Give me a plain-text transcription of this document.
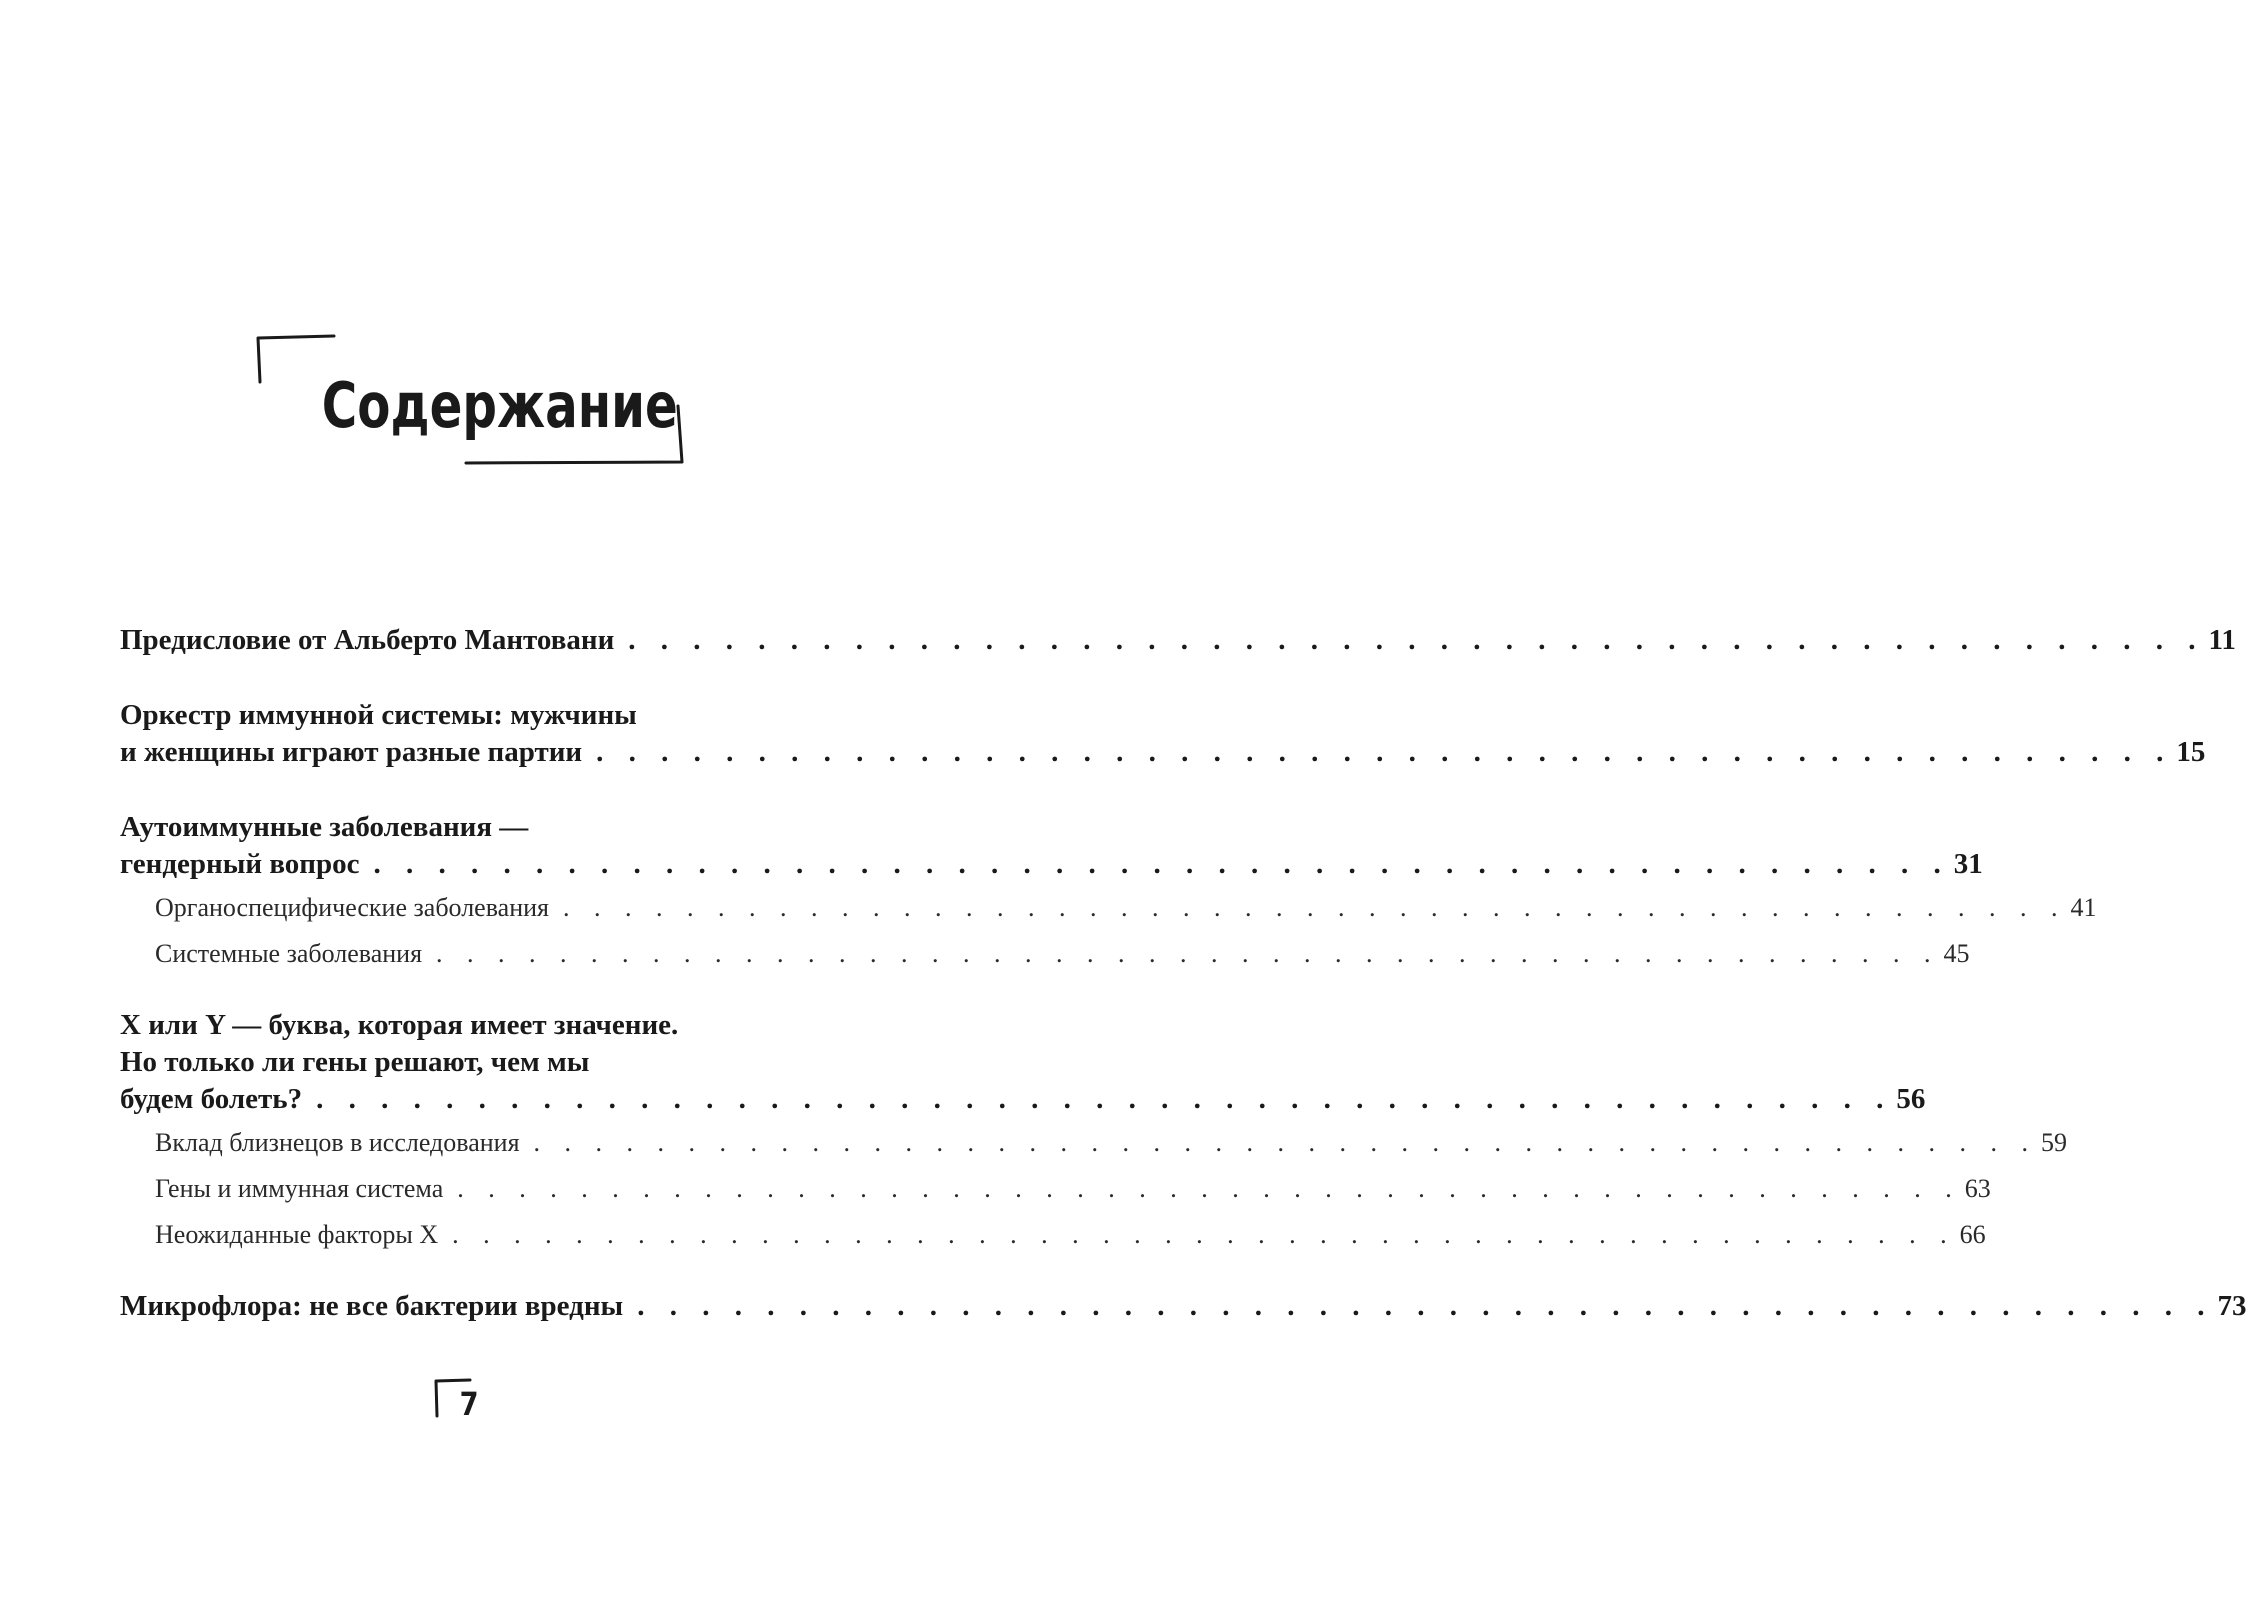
Содержание
Предисловие от Альберто Мантовани . . . . . . . . . . . . . . . . . . . . . . . . . . . . . . . . . . . . . . . . . . . . . . . . . 11
Оркестр иммунной системы: мужчины
и женщины играют разные партии . . . . . . . . . . . . . . . . . . . . . . . . . . . . . . . . . . . . . . . . . . . . . . . . . 15
Аутоиммунные заболевания —
гендерный вопрос . . . . . . . . . . . . . . . . . . . . . . . . . . . . . . . . . . . . . . . . . . . . . . . . . 31
Органоспецифические заболевания . . . . . . . . . . . . . . . . . . . . . . . . . . . . . . . . . . . . . . . . . . . . . . . . . 41
Системные заболевания . . . . . . . . . . . . . . . . . . . . . . . . . . . . . . . . . . . . . . . . . . . . . . . . . 45
X или Y — буква, которая имеет значение.
Но только ли гены решают, чем мы
будем болеть? . . . . . . . . . . . . . . . . . . . . . . . . . . . . . . . . . . . . . . . . . . . . . . . . . 56
Вклад близнецов в исследования . . . . . . . . . . . . . . . . . . . . . . . . . . . . . . . . . . . . . . . . . . . . . . . . . 59
Гены и иммунная система . . . . . . . . . . . . . . . . . . . . . . . . . . . . . . . . . . . . . . . . . . . . . . . . . 63
Неожиданные факторы X . . . . . . . . . . . . . . . . . . . . . . . . . . . . . . . . . . . . . . . . . . . . . . . . . 66
Микрофлора: не все бактерии вредны . . . . . . . . . . . . . . . . . . . . . . . . . . . . . . . . . . . . . . . . . . . . . . . . . 73
7
